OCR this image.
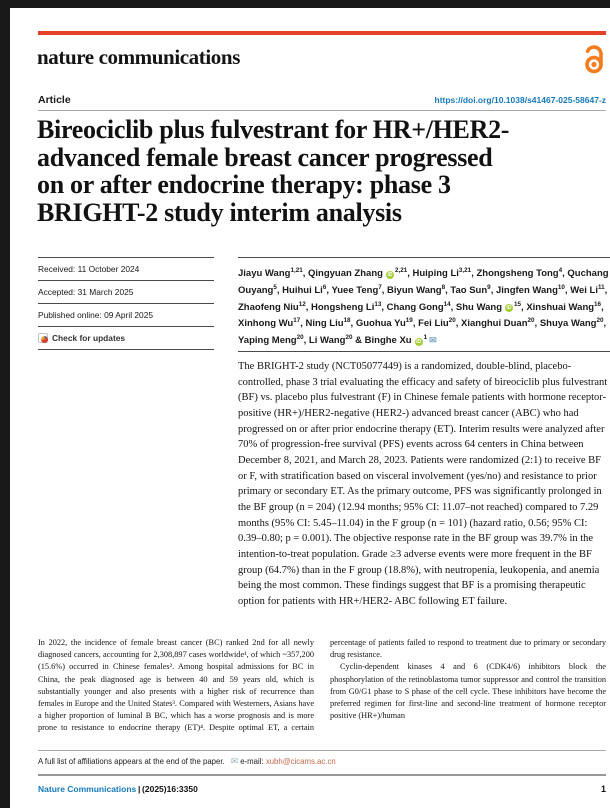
nature communications
Article	https://doi.org/10.1038/s41467-025-58647-z
Bireociclib plus fulvestrant for HR+/HER2-
advanced female breast cancer progressed
on or after endocrine therapy: phase 3
BRIGHT-2 study interim analysis
Received: 11 October 2024
Accepted: 31 March 2025
Published online: 09 April 2025
Check for updates
Jiayu Wang$^{1,21}$, Qingyuan Zhang iD$^{2,21}$, Huiping Li$^{3,21}$, Zhongsheng Tong$^4$, Quchang Ouyang$^5$, Huihui Li$^6$, Yuee Teng$^7$, Biyun Wang$^8$, Tao Sun$^9$, Jingfen Wang$^{10}$, Wei Li$^{11}$, Zhaofeng Niu$^{12}$, Hongsheng Li$^{13}$, Chang Gong$^{14}$, Shu Wang $iD^{15}$, Xinshuai Wang$^{16}$, Xinhong Wu$^{17}$, Ning Liu$^{18}$, Guohua Yu$^{19}$, Fei Liu$^{20}$, Xianghui Duan$^{20}$, Shuya Wang$^{20}$, Yaping Meng$^{20}$, Li Wang$^{20}$ & Binghe Xu $iD^1$ ✉
The BRIGHT-2 study (NCT05077449) is a randomized, double-blind, placebo-controlled, phase 3 trial evaluating the efficacy and safety of bireociclib plus fulvestrant (BF) vs. placebo plus fulvestrant (F) in Chinese female patients with hormone receptor-positive (HR+)/HER2-negative (HER2-) advanced breast cancer (ABC) who had progressed on or after prior endocrine therapy (ET). Interim results were analyzed after 70% of progression-free survival (PFS) events across 64 centers in China between December 8, 2021, and March 28, 2023. Patients were randomized (2:1) to receive BF or F, with stratification based on visceral involvement (yes/no) and resistance to prior primary or secondary ET. As the primary outcome, PFS was significantly prolonged in the BF group (n = 204) (12.94 months; 95% CI: 11.07–not reached) compared to 7.29 months (95% CI: 5.45–11.04) in the F group (n = 101) (hazard ratio, 0.56; 95% CI: 0.39–0.80; p = 0.001). The objective response rate in the BF group was 39.7% in the intention-to-treat population. Grade ≥3 adverse events were more frequent in the BF group (64.7%) than in the F group (18.8%), with neutropenia, leukopenia, and anemia being the most common. These findings suggest that BF is a promising therapeutic option for patients with HR+/HER2- ABC following ET failure.

In 2022, the incidence of female breast cancer (BC) ranked 2nd for all newly diagnosed cancers, accounting for 2,308,897 cases worldwide¹, of which ~357,200 (15.6%) occurred in Chinese females². Among hospital admissions for BC in China, the peak diagnosed age is between 40 and 59 years old, which is substantially younger and also presents with a higher risk of recurrence than females in Europe and the United States³. Compared with Westerners, Asians have a higher proportion of luminal B BC, which has a worse prognosis and is more prone to resistance to endocrine therapy (ET)⁴. Despite optimal ET, a certain percentage of patients failed to respond to treatment due to primary or secondary drug resistance.

Cyclin-dependent kinases 4 and 6 (CDK4/6) inhibitors block the phosphorylation of the retinoblastoma tumor suppressor and control the transition from G0/G1 phase to S phase of the cell cycle. These inhibitors have become the preferred regimen for first-line and second-line treatment of hormone receptor positive (HR+)/human

A full list of affiliations appears at the end of the paper. ✉ e-mail: xubh@cicams.ac.cn
Nature Communications  |  (2025)16:3350	1
